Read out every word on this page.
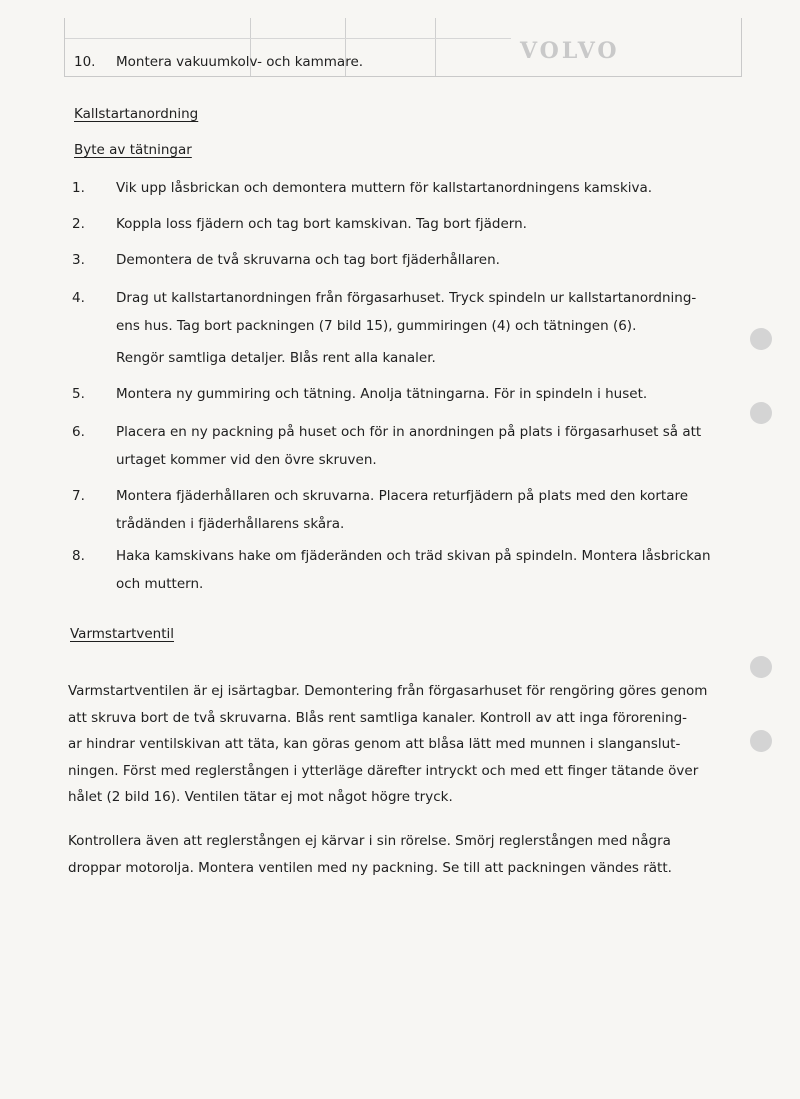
VOLVO
10. Montera vakuumkolv- och kammare.
Kallstartanordning
Byte av tätningar
1.	Vik upp låsbrickan och demontera muttern för kallstartanordningens kamskiva.
2.	Koppla loss fjädern och tag bort kamskivan. Tag bort fjädern.
3.	Demontera de två skruvarna och tag bort fjäderhållaren.
4.	Drag ut kallstartanordningen från förgasarhuset. Tryck spindeln ur kallstartanordning-
ens hus. Tag bort packningen (7 bild 15), gummiringen (4) och tätningen (6).
Rengör samtliga detaljer. Blås rent alla kanaler.
5.	Montera ny gummiring och tätning. Anolja tätningarna. För in spindeln i huset.
6.	Placera en ny packning på huset och för in anordningen på plats i förgasarhuset så att
urtaget kommer vid den övre skruven.
7.	Montera fjäderhållaren och skruvarna. Placera returfjädern på plats med den kortare
trådänden i fjäderhållarens skåra.
8.	Haka kamskivans hake om fjäderänden och träd skivan på spindeln. Montera låsbrickan
och muttern.
Varmstartventil
Varmstartventilen är ej isärtagbar. Demontering från förgasarhuset för rengöring göres genom
att skruva bort de två skruvarna. Blås rent samtliga kanaler. Kontroll av att inga förorening-
ar hindrar ventilskivan att täta, kan göras genom att blåsa lätt med munnen i slanganslut-
ningen. Först med reglerstången i ytterläge därefter intryckt och med ett finger tätande över
hålet (2 bild 16). Ventilen tätar ej mot något högre tryck.
Kontrollera även att reglerstången ej kärvar i sin rörelse. Smörj reglerstången med några
droppar motorolja. Montera ventilen med ny packning. Se till att packningen vändes rätt.
